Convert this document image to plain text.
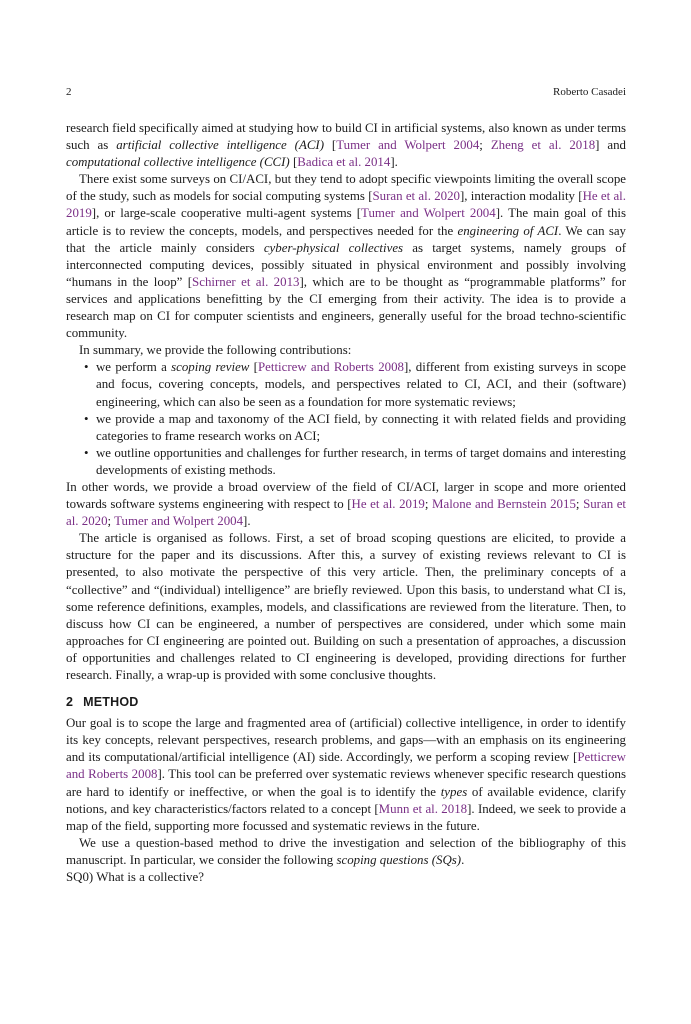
2	Roberto Casadei

research field specifically aimed at studying how to build CI in artificial systems, also known as under terms such as artificial collective intelligence (ACI) [Tumer and Wolpert 2004; Zheng et al. 2018] and computational collective intelligence (CCI) [Badica et al. 2014].

There exist some surveys on CI/ACI, but they tend to adopt specific viewpoints limiting the overall scope of the study, such as models for social computing systems [Suran et al. 2020], interaction modality [He et al. 2019], or large-scale cooperative multi-agent systems [Tumer and Wolpert 2004]. The main goal of this article is to review the concepts, models, and perspectives needed for the engineering of ACI. We can say that the article mainly considers cyber-physical collectives as target systems, namely groups of interconnected computing devices, possibly situated in physical environment and possibly involving “humans in the loop” [Schirner et al. 2013], which are to be thought as “programmable platforms” for services and applications benefitting by the CI emerging from their activity. The idea is to provide a research map on CI for computer scientists and engineers, generally useful for the broad techno-scientific community.

In summary, we provide the following contributions:

• we perform a scoping review [Petticrew and Roberts 2008], different from existing surveys in scope and focus, covering concepts, models, and perspectives related to CI, ACI, and their (software) engineering, which can also be seen as a foundation for more systematic reviews;
• we provide a map and taxonomy of the ACI field, by connecting it with related fields and providing categories to frame research works on ACI;
• we outline opportunities and challenges for further research, in terms of target domains and interesting developments of existing methods.

In other words, we provide a broad overview of the field of CI/ACI, larger in scope and more oriented towards software systems engineering with respect to [He et al. 2019; Malone and Bernstein 2015; Suran et al. 2020; Tumer and Wolpert 2004].

The article is organised as follows. First, a set of broad scoping questions are elicited, to provide a structure for the paper and its discussions. After this, a survey of existing reviews relevant to CI is presented, to also motivate the perspective of this very article. Then, the preliminary concepts of a “collective” and “(individual) intelligence” are briefly reviewed. Upon this basis, to understand what CI is, some reference definitions, examples, models, and classifications are reviewed from the literature. Then, to discuss how CI can be engineered, a number of perspectives are considered, under which some main approaches for CI engineering are pointed out. Building on such a presentation of approaches, a discussion of opportunities and challenges related to CI engineering is developed, providing directions for further research. Finally, a wrap-up is provided with some conclusive thoughts.

2 METHOD

Our goal is to scope the large and fragmented area of (artificial) collective intelligence, in order to identify its key concepts, relevant perspectives, research problems, and gaps—with an emphasis on its engineering and its computational/artificial intelligence (AI) side. Accordingly, we perform a scoping review [Petticrew and Roberts 2008]. This tool can be preferred over systematic reviews whenever specific research questions are hard to identify or ineffective, or when the goal is to identify the types of available evidence, clarify notions, and key characteristics/factors related to a concept [Munn et al. 2018]. Indeed, we seek to provide a map of the field, supporting more focussed and systematic reviews in the future.

We use a question-based method to drive the investigation and selection of the bibliography of this manuscript. In particular, we consider the following scoping questions (SQs).

SQ0) What is a collective?
